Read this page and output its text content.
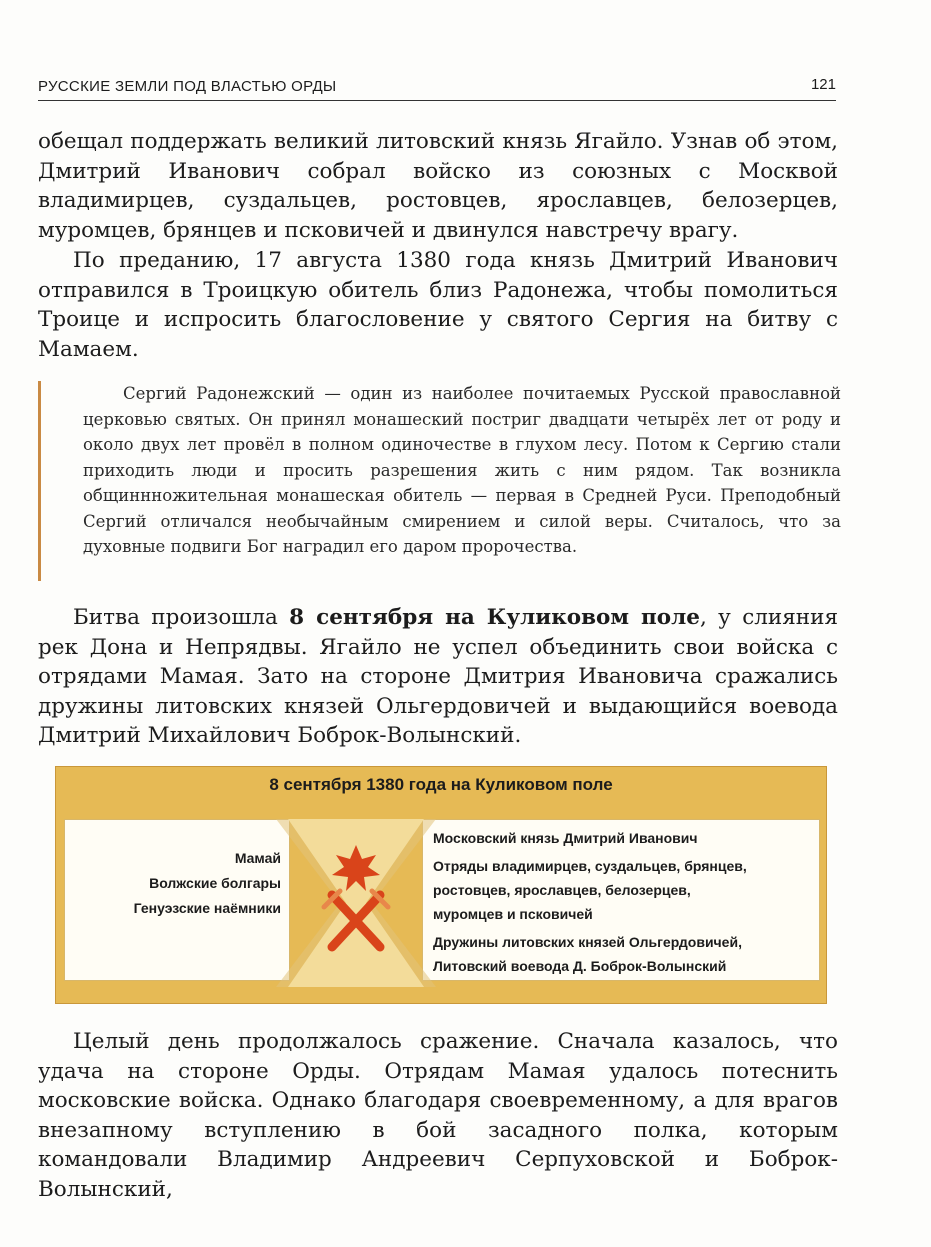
РУССКИЕ ЗЕМЛИ ПОД ВЛАСТЬЮ ОРДЫ	121

обещал поддержать великий литовский князь Ягайло. Узнав об этом, Дмитрий Иванович собрал войско из союзных с Москвой владимирцев, суздальцев, ростовцев, ярославцев, белозерцев, муромцев, брянцев и псковичей и двинулся навстречу врагу.

По преданию, 17 августа 1380 года князь Дмитрий Иванович отправился в Троицкую обитель близ Радонежа, чтобы помолиться Троице и испросить благословение у святого Сергия на битву с Мамаем.

Сергий Радонежский — один из наиболее почитаемых Русской православной церковью святых. Он принял монашеский постриг двадцати четырёх лет от роду и около двух лет провёл в полном одиночестве в глухом лесу. Потом к Сергию стали приходить люди и просить разрешения жить с ним рядом. Так возникла общиннножительная монашеская обитель — первая в Средней Руси. Преподобный Сергий отличался необычайным смирением и силой веры. Считалось, что за духовные подвиги Бог наградил его даром пророчества.

Битва произошла 8 сентября на Куликовом поле, у слияния рек Дона и Непрядвы. Ягайло не успел объединить свои войска с отрядами Мамая. Зато на стороне Дмитрия Ивановича сражались дружины литовских князей Ольгердовичей и выдающийся воевода Дмитрий Михайлович Боброк-Волынский.

8 сентября 1380 года на Куликовом поле
Мамай
Волжские болгары
Генуэзские наёмники
Московский князь Дмитрий Иванович
Отряды владимирцев, суздальцев, брянцев,
ростовцев, ярославцев, белозерцев,
муромцев и псковичей
Дружины литовских князей Ольгердовичей,
Литовский воевода Д. Боброк-Волынский

Целый день продолжалось сражение. Сначала казалось, что удача на стороне Орды. Отрядам Мамая удалось потеснить московские войска. Однако благодаря своевременному, а для врагов внезапному вступлению в бой засадного полка, которым командовали Владимир Андреевич Серпуховской и Боброк-Волынский,
